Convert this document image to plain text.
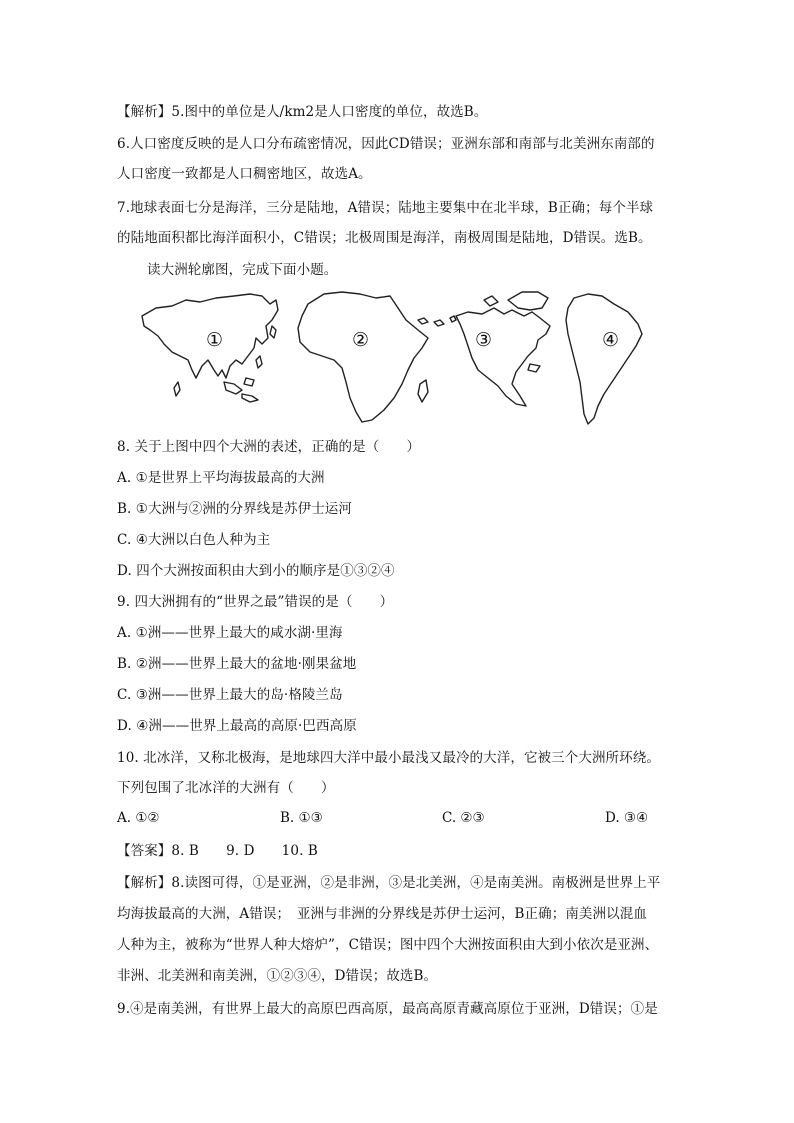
【解析】5.图中的单位是人/km2是人口密度的单位，故选B。
6.人口密度反映的是人口分布疏密情况，因此CD错误；亚洲东部和南部与北美洲东南部的
人口密度一致都是人口稠密地区，故选A。
7.地球表面七分是海洋，三分是陆地，A错误；陆地主要集中在北半球，B正确；每个半球
的陆地面积都比海洋面积小，C错误；北极周围是海洋，南极周围是陆地，D错误。选B。
读大洲轮廓图，完成下面小题。
①	②	③	④
8. 关于上图中四个大洲的表述，正确的是（　　）
A. ①是世界上平均海拔最高的大洲
B. ①大洲与②洲的分界线是苏伊士运河
C. ④大洲以白色人种为主
D. 四个大洲按面积由大到小的顺序是①③②④
9. 四大洲拥有的“世界之最”错误的是（　　）
A. ①洲——世界上最大的咸水湖·里海
B. ②洲——世界上最大的盆地·刚果盆地
C. ③洲——世界上最大的岛·格陵兰岛
D. ④洲——世界上最高的高原·巴西高原
10. 北冰洋，又称北极海，是地球四大洋中最小最浅又最冷的大洋，它被三个大洲所环绕。
下列包围了北冰洋的大洲有（　　）
A. ①②	B. ①③	C. ②③	D. ③④
【答案】8. B　　9. D　　10. B
【解析】8.读图可得，①是亚洲，②是非洲，③是北美洲，④是南美洲。南极洲是世界上平
均海拔最高的大洲，A错误；　亚洲与非洲的分界线是苏伊士运河，B正确；南美洲以混血
人种为主，被称为“世界人种大熔炉”，C错误；图中四个大洲按面积由大到小依次是亚洲、
非洲、北美洲和南美洲，①②③④，D错误；故选B。
9.④是南美洲，有世界上最大的高原巴西高原，最高高原青藏高原位于亚洲，D错误；①是
